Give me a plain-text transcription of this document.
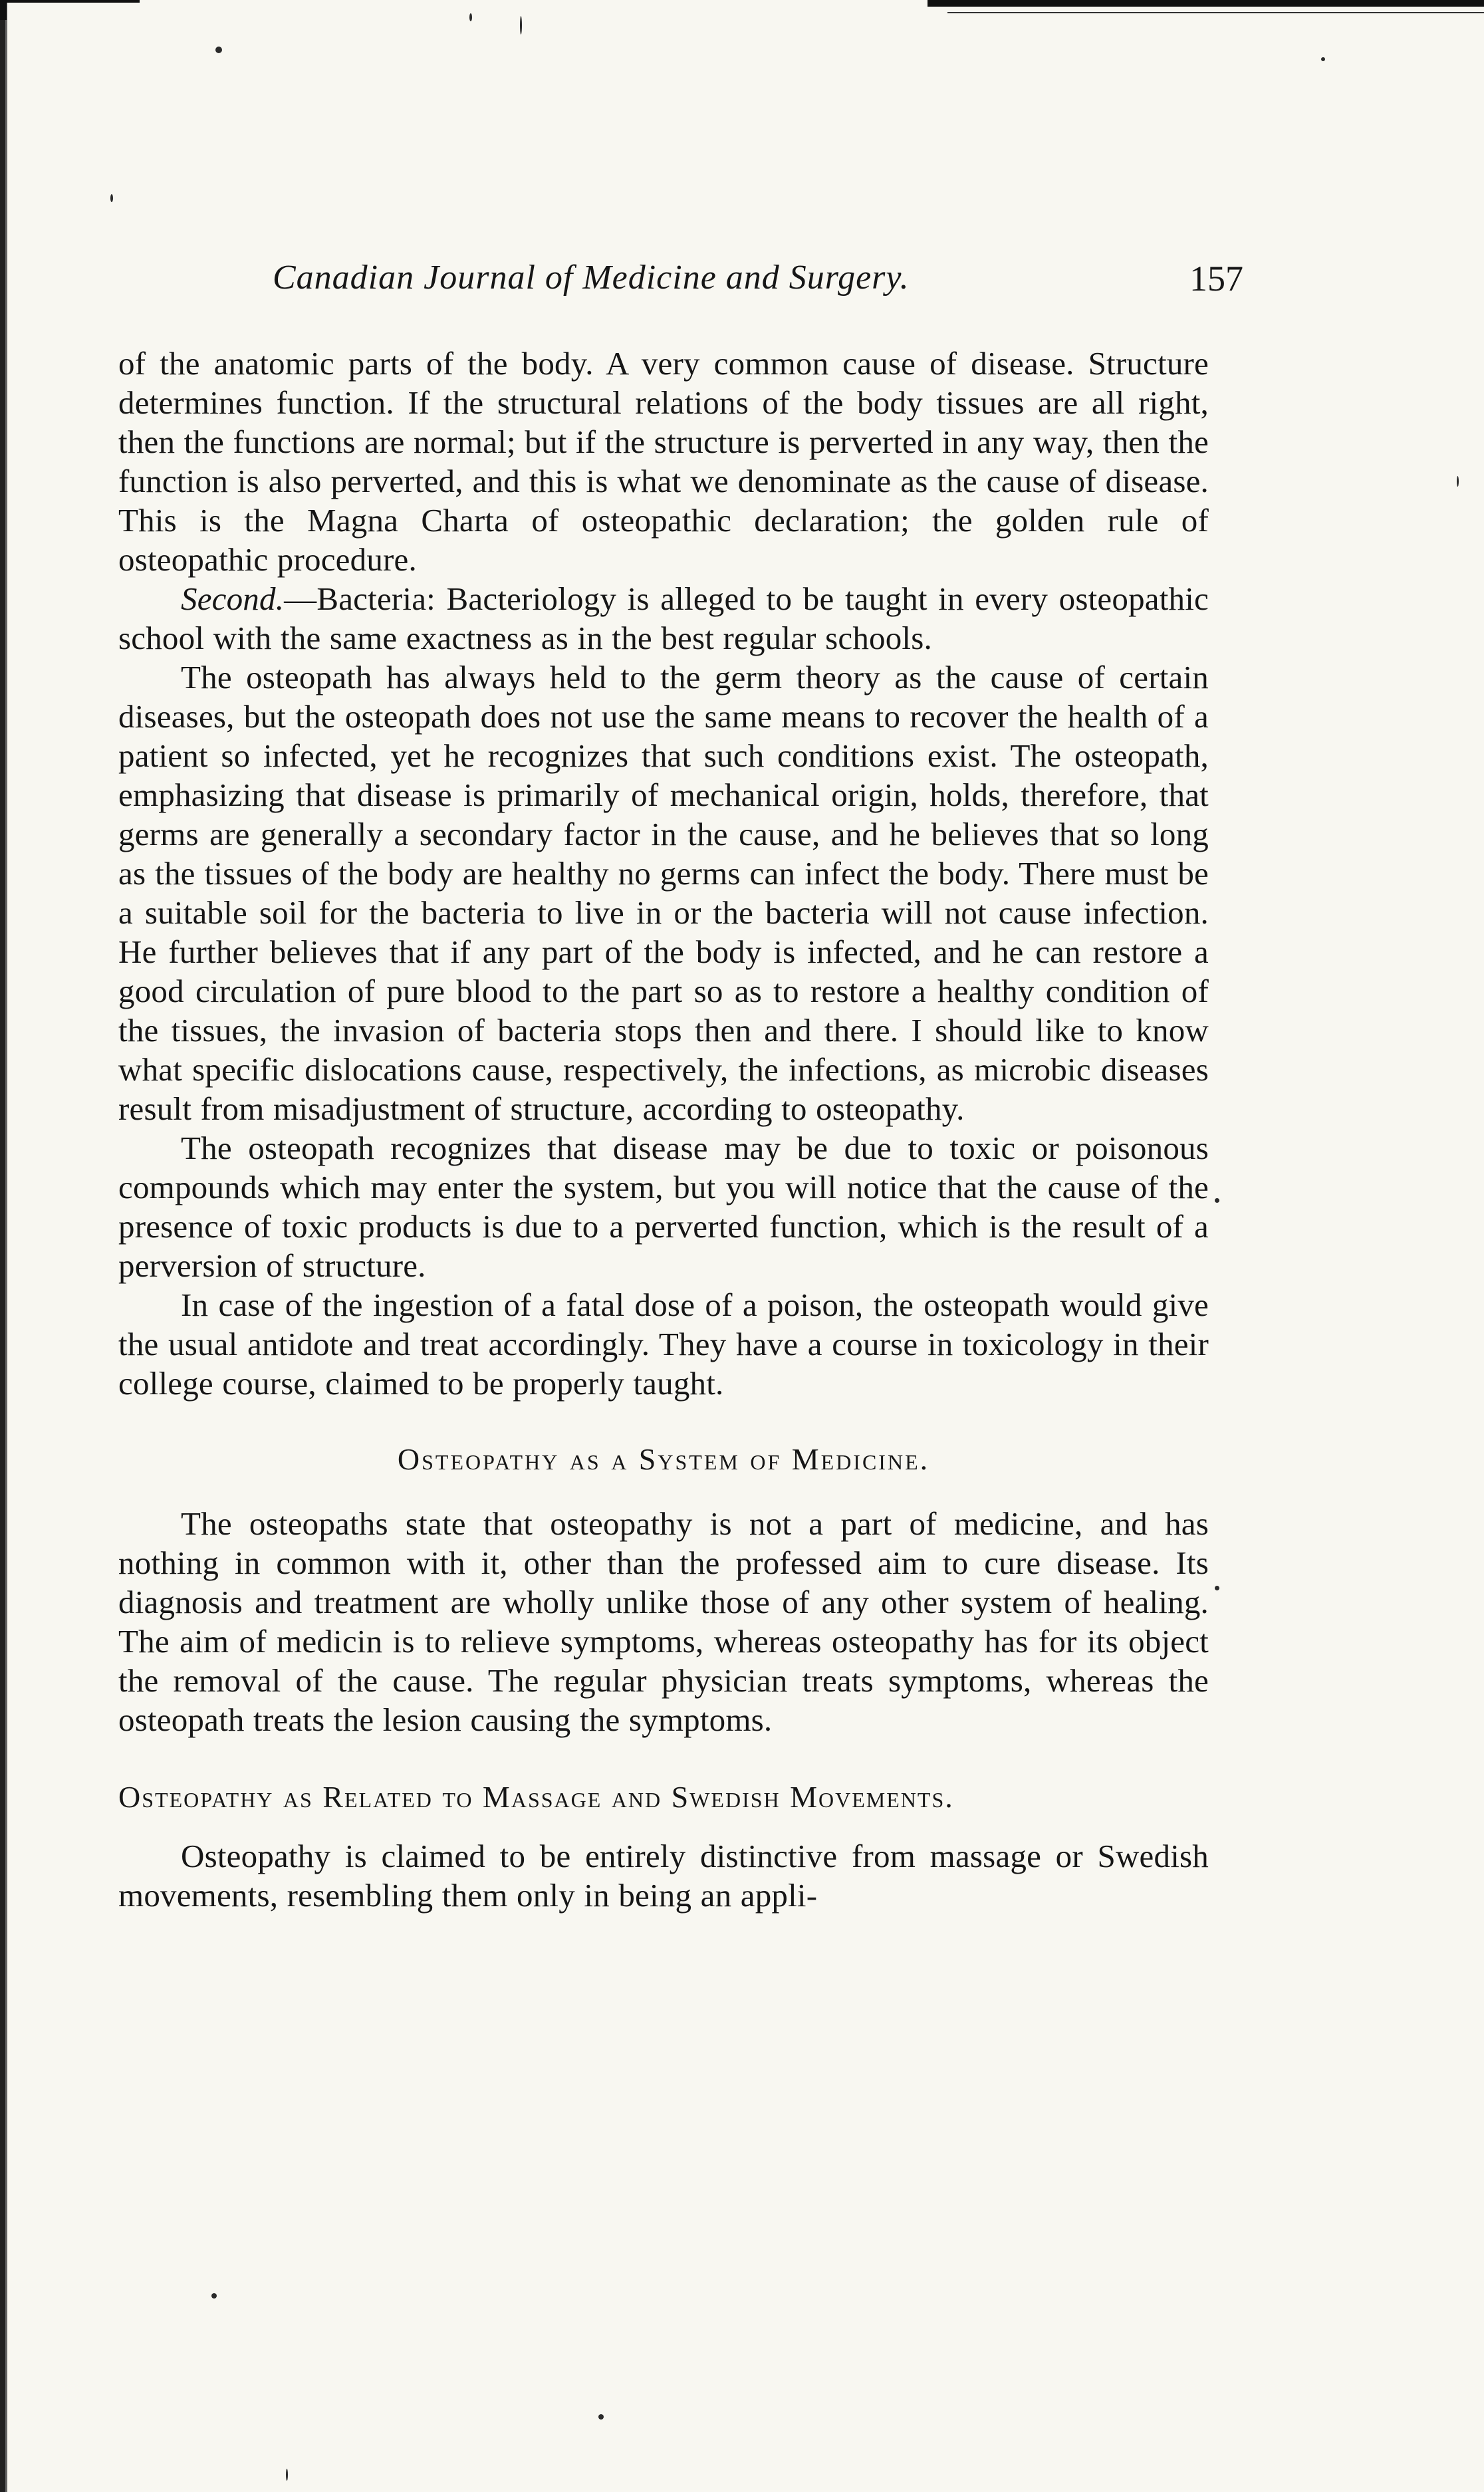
Canadian Journal of Medicine and Surgery.	157

of the anatomic parts of the body. A very common cause of disease. Structure determines function. If the structural relations of the body tissues are all right, then the functions are normal; but if the structure is perverted in any way, then the function is also perverted, and this is what we denominate as the cause of disease. This is the Magna Charta of osteopathic declaration; the golden rule of osteopathic procedure.

Second.—Bacteria: Bacteriology is alleged to be taught in every osteopathic school with the same exactness as in the best regular schools.

The osteopath has always held to the germ theory as the cause of certain diseases, but the osteopath does not use the same means to recover the health of a patient so infected, yet he recognizes that such conditions exist. The osteopath, emphasizing that disease is primarily of mechanical origin, holds, therefore, that germs are generally a secondary factor in the cause, and he believes that so long as the tissues of the body are healthy no germs can infect the body. There must be a suitable soil for the bacteria to live in or the bacteria will not cause infection. He further believes that if any part of the body is infected, and he can restore a good circulation of pure blood to the part so as to restore a healthy condition of the tissues, the invasion of bacteria stops then and there. I should like to know what specific dislocations cause, respectively, the infections, as microbic diseases result from misadjustment of structure, according to osteopathy.

The osteopath recognizes that disease may be due to toxic or poisonous compounds which may enter the system, but you will notice that the cause of the presence of toxic products is due to a perverted function, which is the result of a perversion of structure.

In case of the ingestion of a fatal dose of a poison, the osteopath would give the usual antidote and treat accordingly. They have a course in toxicology in their college course, claimed to be properly taught.

Osteopathy as a System of Medicine.

The osteopaths state that osteopathy is not a part of medicine, and has nothing in common with it, other than the professed aim to cure disease. Its diagnosis and treatment are wholly unlike those of any other system of healing. The aim of medicin is to relieve symptoms, whereas osteopathy has for its object the removal of the cause. The regular physician treats symptoms, whereas the osteopath treats the lesion causing the symptoms.

Osteopathy as Related to Massage and Swedish Movements.

Osteopathy is claimed to be entirely distinctive from massage or Swedish movements, resembling them only in being an appli-
